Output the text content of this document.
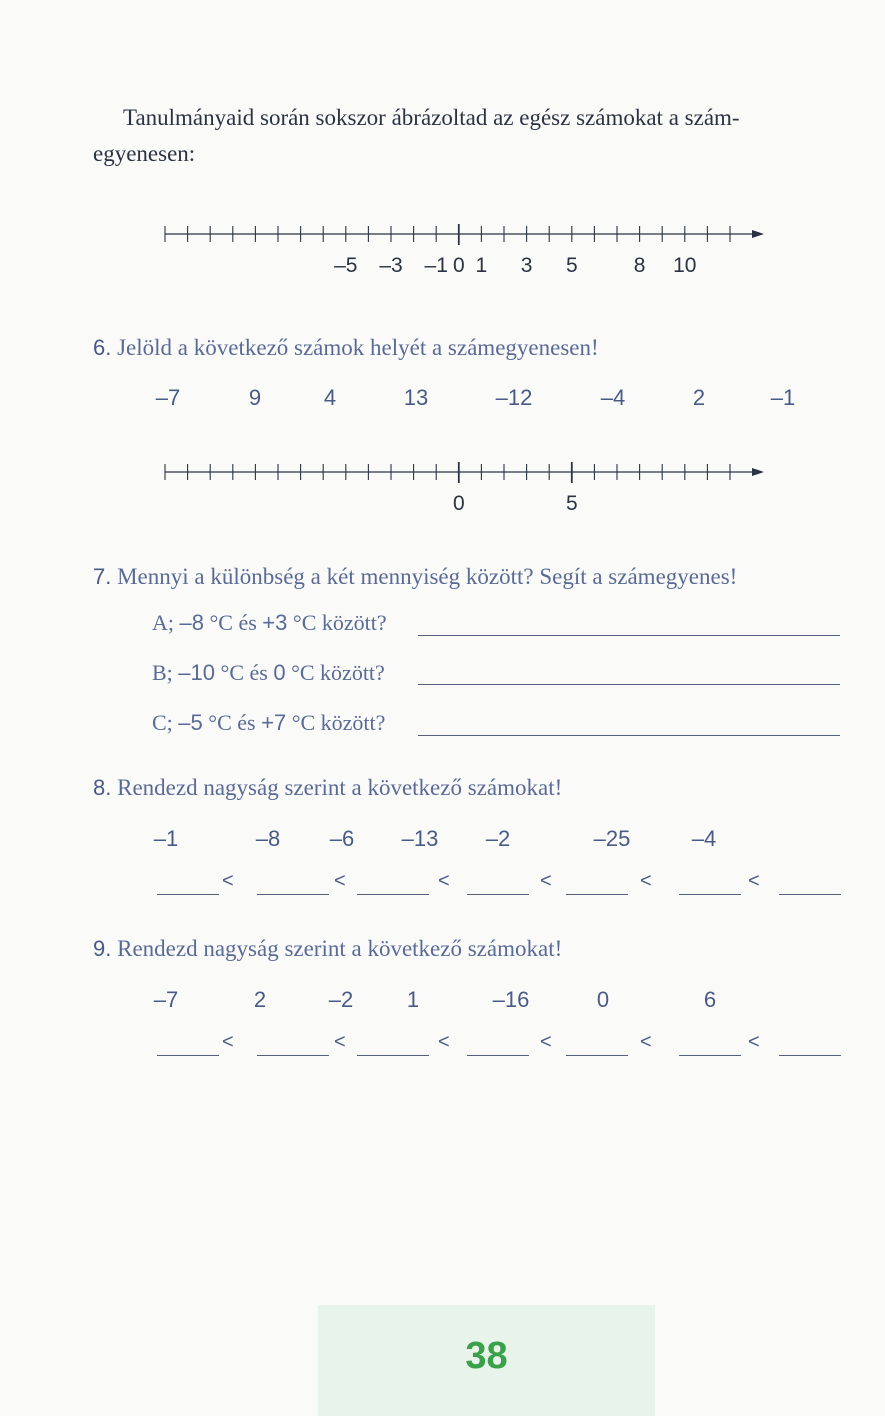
Tanulmányaid során sokszor ábrázoltad az egész számokat a szám-
egyenesen:
–5 –3 –1 0 1 3 5	8 10
6. Jelöld a következő számok helyét a számegyenesen!
–7	9	4	13	–12	–4	2	–1
0	5
7. Mennyi a különbség a két mennyiség között? Segít a számegyenes!
A; –8 °C és +3 °C között?
B; –10 °C és 0 °C között?
C; –5 °C és +7 °C között?
8. Rendezd nagyság szerint a következő számokat!
–1	–8 –6 –13 –2	–25	–4
<	<	<	<	<	<
9. Rendezd nagyság szerint a következő számokat!
–7	2	–2 1	–16	0	6
<	<	<	<	<	<
38
